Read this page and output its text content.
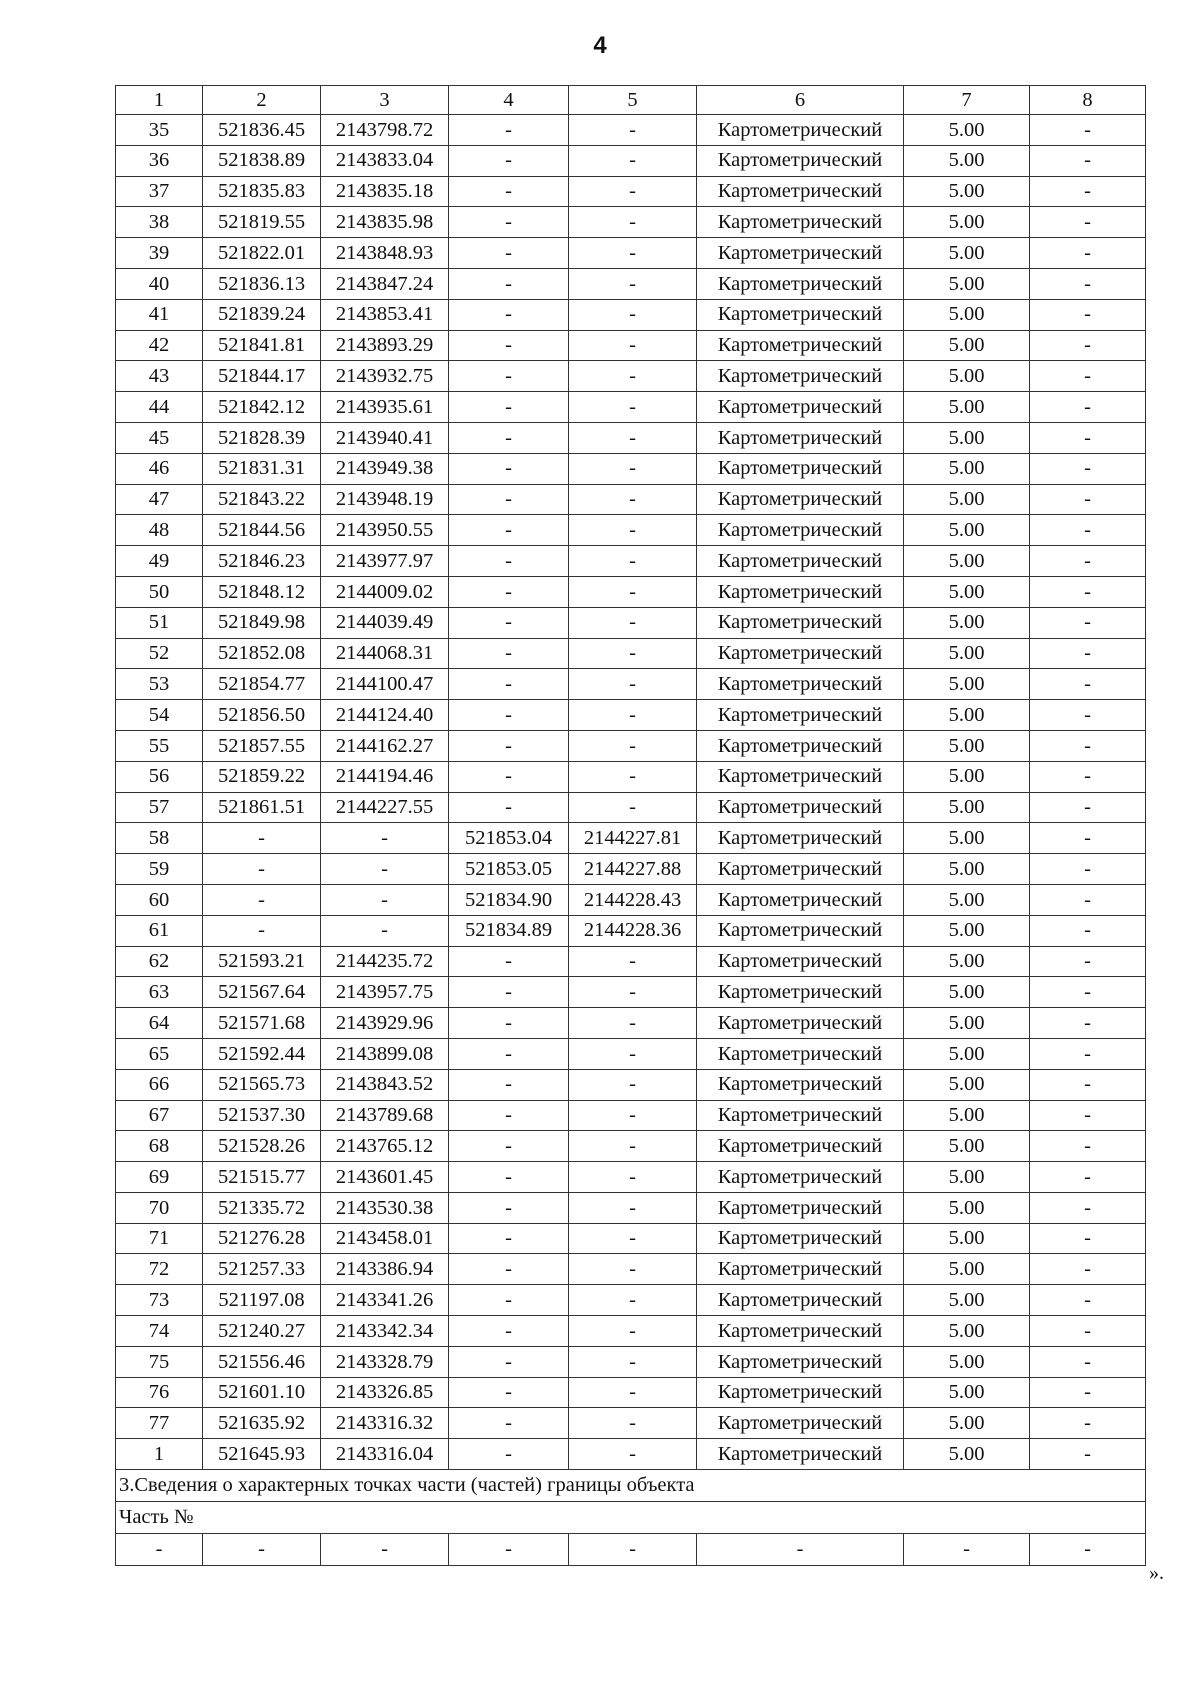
4
1	2	3	4	5	6	7	8
35	521836.45	2143798.72	-	-	Картометрический	5.00	-
36	521838.89	2143833.04	-	-	Картометрический	5.00	-
37	521835.83	2143835.18	-	-	Картометрический	5.00	-
38	521819.55	2143835.98	-	-	Картометрический	5.00	-
39	521822.01	2143848.93	-	-	Картометрический	5.00	-
40	521836.13	2143847.24	-	-	Картометрический	5.00	-
41	521839.24	2143853.41	-	-	Картометрический	5.00	-
42	521841.81	2143893.29	-	-	Картометрический	5.00	-
43	521844.17	2143932.75	-	-	Картометрический	5.00	-
44	521842.12	2143935.61	-	-	Картометрический	5.00	-
45	521828.39	2143940.41	-	-	Картометрический	5.00	-
46	521831.31	2143949.38	-	-	Картометрический	5.00	-
47	521843.22	2143948.19	-	-	Картометрический	5.00	-
48	521844.56	2143950.55	-	-	Картометрический	5.00	-
49	521846.23	2143977.97	-	-	Картометрический	5.00	-
50	521848.12	2144009.02	-	-	Картометрический	5.00	-
51	521849.98	2144039.49	-	-	Картометрический	5.00	-
52	521852.08	2144068.31	-	-	Картометрический	5.00	-
53	521854.77	2144100.47	-	-	Картометрический	5.00	-
54	521856.50	2144124.40	-	-	Картометрический	5.00	-
55	521857.55	2144162.27	-	-	Картометрический	5.00	-
56	521859.22	2144194.46	-	-	Картометрический	5.00	-
57	521861.51	2144227.55	-	-	Картометрический	5.00	-
58	-	-	521853.04	2144227.81	Картометрический	5.00	-
59	-	-	521853.05	2144227.88	Картометрический	5.00	-
60	-	-	521834.90	2144228.43	Картометрический	5.00	-
61	-	-	521834.89	2144228.36	Картометрический	5.00	-
62	521593.21	2144235.72	-	-	Картометрический	5.00	-
63	521567.64	2143957.75	-	-	Картометрический	5.00	-
64	521571.68	2143929.96	-	-	Картометрический	5.00	-
65	521592.44	2143899.08	-	-	Картометрический	5.00	-
66	521565.73	2143843.52	-	-	Картометрический	5.00	-
67	521537.30	2143789.68	-	-	Картометрический	5.00	-
68	521528.26	2143765.12	-	-	Картометрический	5.00	-
69	521515.77	2143601.45	-	-	Картометрический	5.00	-
70	521335.72	2143530.38	-	-	Картометрический	5.00	-
71	521276.28	2143458.01	-	-	Картометрический	5.00	-
72	521257.33	2143386.94	-	-	Картометрический	5.00	-
73	521197.08	2143341.26	-	-	Картометрический	5.00	-
74	521240.27	2143342.34	-	-	Картометрический	5.00	-
75	521556.46	2143328.79	-	-	Картометрический	5.00	-
76	521601.10	2143326.85	-	-	Картометрический	5.00	-
77	521635.92	2143316.32	-	-	Картометрический	5.00	-
1	521645.93	2143316.04	-	-	Картометрический	5.00	-
3.Сведения о характерных точках части (частей) границы объекта							
Часть №							
-	-	-	-	-	-	-	-
».
